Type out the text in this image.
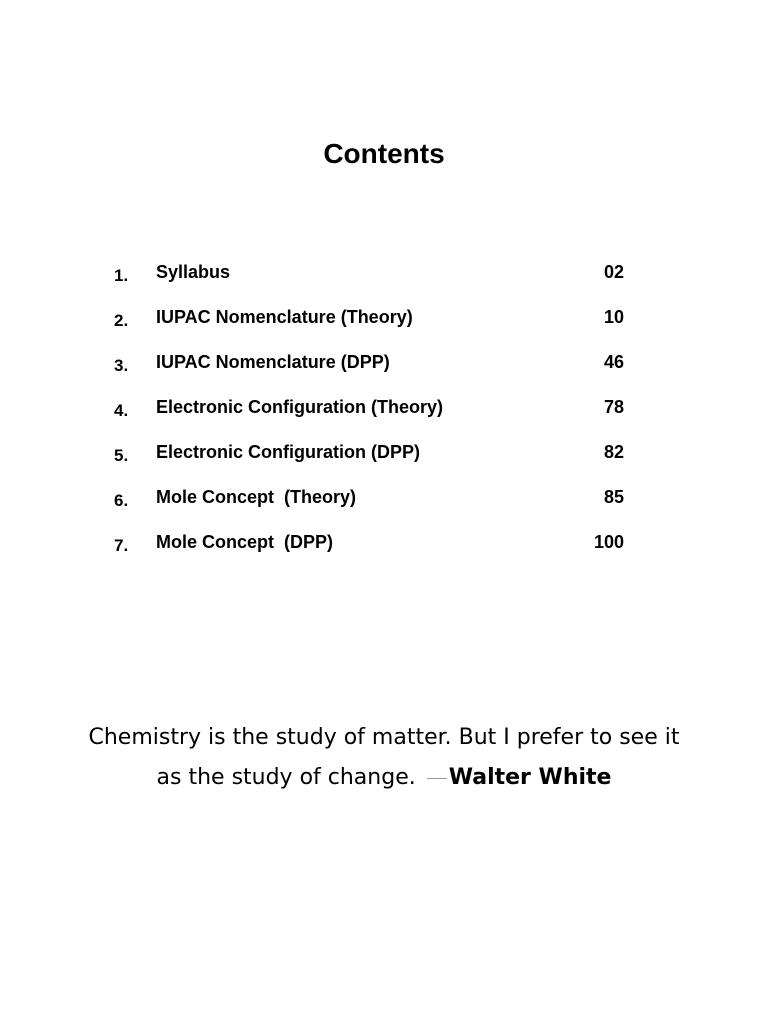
Contents
1. Syllabus	02
2. IUPAC Nomenclature (Theory)	10
3. IUPAC Nomenclature (DPP)	46
4. Electronic Configuration (Theory)	78
5. Electronic Configuration (DPP)	82
6. Mole Concept  (Theory)	85
7. Mole Concept  (DPP)	100
Chemistry is the study of matter. But I prefer to see it as the study of change. Walter White
